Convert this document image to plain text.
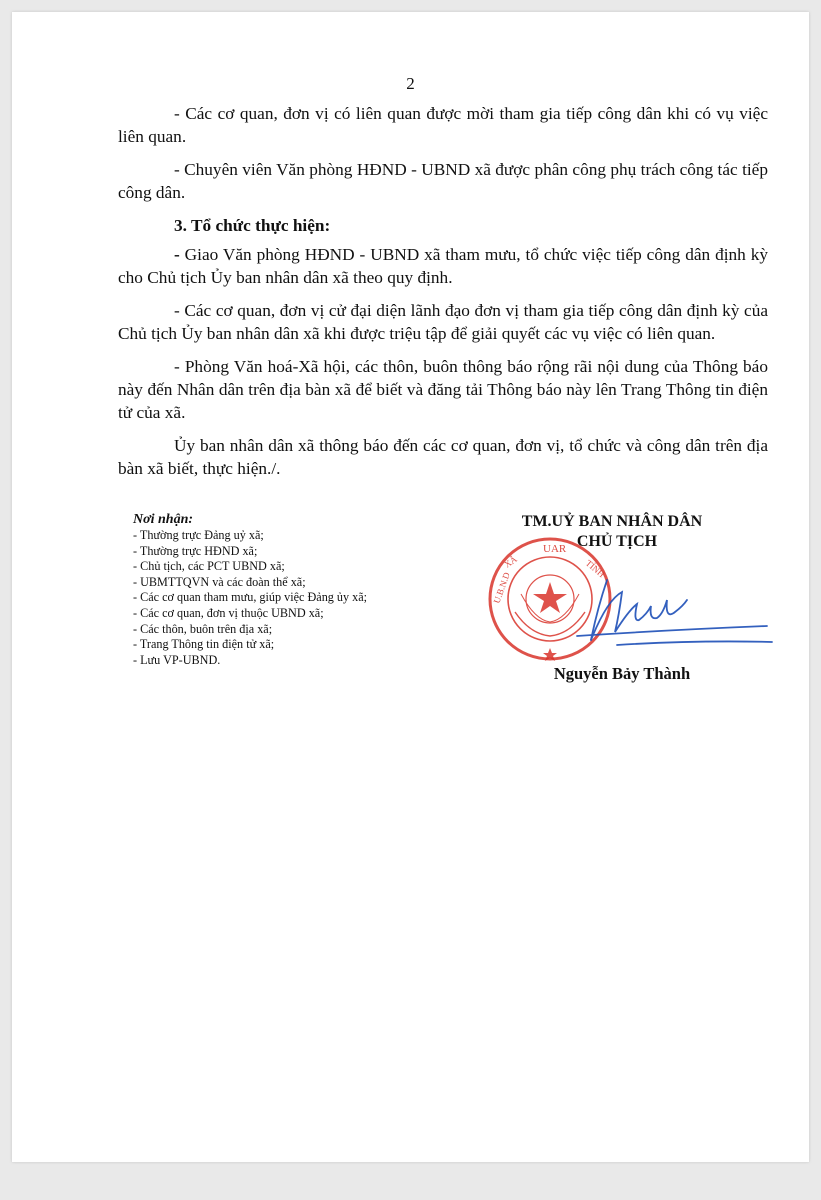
2

- Các cơ quan, đơn vị có liên quan được mời tham gia tiếp công dân khi có vụ việc liên quan.

- Chuyên viên Văn phòng HĐND - UBND xã được phân công phụ trách công tác tiếp công dân.

3. Tổ chức thực hiện:

- Giao Văn phòng HĐND - UBND xã tham mưu, tổ chức việc tiếp công dân định kỳ cho Chủ tịch Ủy ban nhân dân xã theo quy định.

- Các cơ quan, đơn vị cử đại diện lãnh đạo đơn vị tham gia tiếp công dân định kỳ của Chủ tịch Ủy ban nhân dân xã khi được triệu tập để giải quyết các vụ việc có liên quan.

- Phòng Văn hoá-Xã hội, các thôn, buôn thông báo rộng rãi nội dung của Thông báo này đến Nhân dân trên địa bàn xã để biết và đăng tải Thông báo này lên Trang Thông tin điện tử của xã.

Ủy ban nhân dân xã thông báo đến các cơ quan, đơn vị, tổ chức và công dân trên địa bàn xã biết, thực hiện./.

Nơi nhận:
- Thường trực Đảng uỷ xã;
- Thường trực HĐND xã;
- Chủ tịch, các PCT UBND xã;
- UBMTTQVN và các đoàn thể xã;
- Các cơ quan tham mưu, giúp việc Đảng ủy xã;
- Các cơ quan, đơn vị thuộc UBND xã;
- Các thôn, buôn trên địa xã;
- Trang Thông tin điện tử xã;
- Lưu VP-UBND.
TM.UỶ BAN NHÂN DÂN
CHỦ TỊCH
UAR
U.B.N.D
XÃ	TỈNH
Nguyễn Bảy Thành
